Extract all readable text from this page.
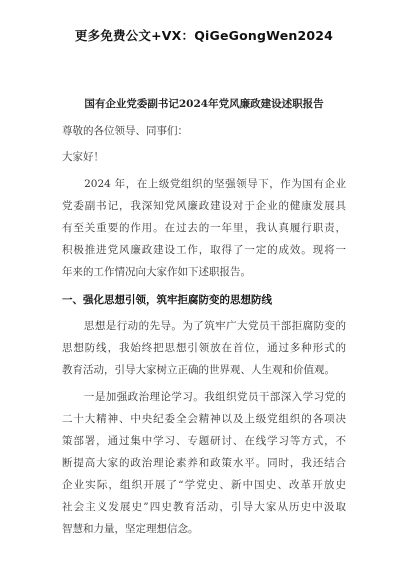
更多免费公文+VX：QiGeGongWen2024
国有企业党委副书记2024年党风廉政建设述职报告
尊敬的各位领导、同事们：
大家好！
　　2024 年，在上级党组织的坚强领导下，作为国有企业
党委副书记，我深知党风廉政建设对于企业的健康发展具
有至关重要的作用。在过去的一年里，我认真履行职责，
积极推进党风廉政建设工作，取得了一定的成效。现将一
年来的工作情况向大家作如下述职报告。
一、强化思想引领，筑牢拒腐防变的思想防线
　　思想是行动的先导。为了筑牢广大党员干部拒腐防变的
思想防线，我始终把思想引领放在首位，通过多种形式的
教育活动，引导大家树立正确的世界观、人生观和价值观。
　　一是加强政治理论学习。我组织党员干部深入学习党的
二十大精神、中央纪委全会精神以及上级党组织的各项决
策部署，通过集中学习、专题研讨、在线学习等方式，不
断提高大家的政治理论素养和政策水平。同时，我还结合
企业实际，组织开展了“学党史、新中国史、改革开放史
社会主义发展史”四史教育活动，引导大家从历史中汲取
智慧和力量，坚定理想信念。
